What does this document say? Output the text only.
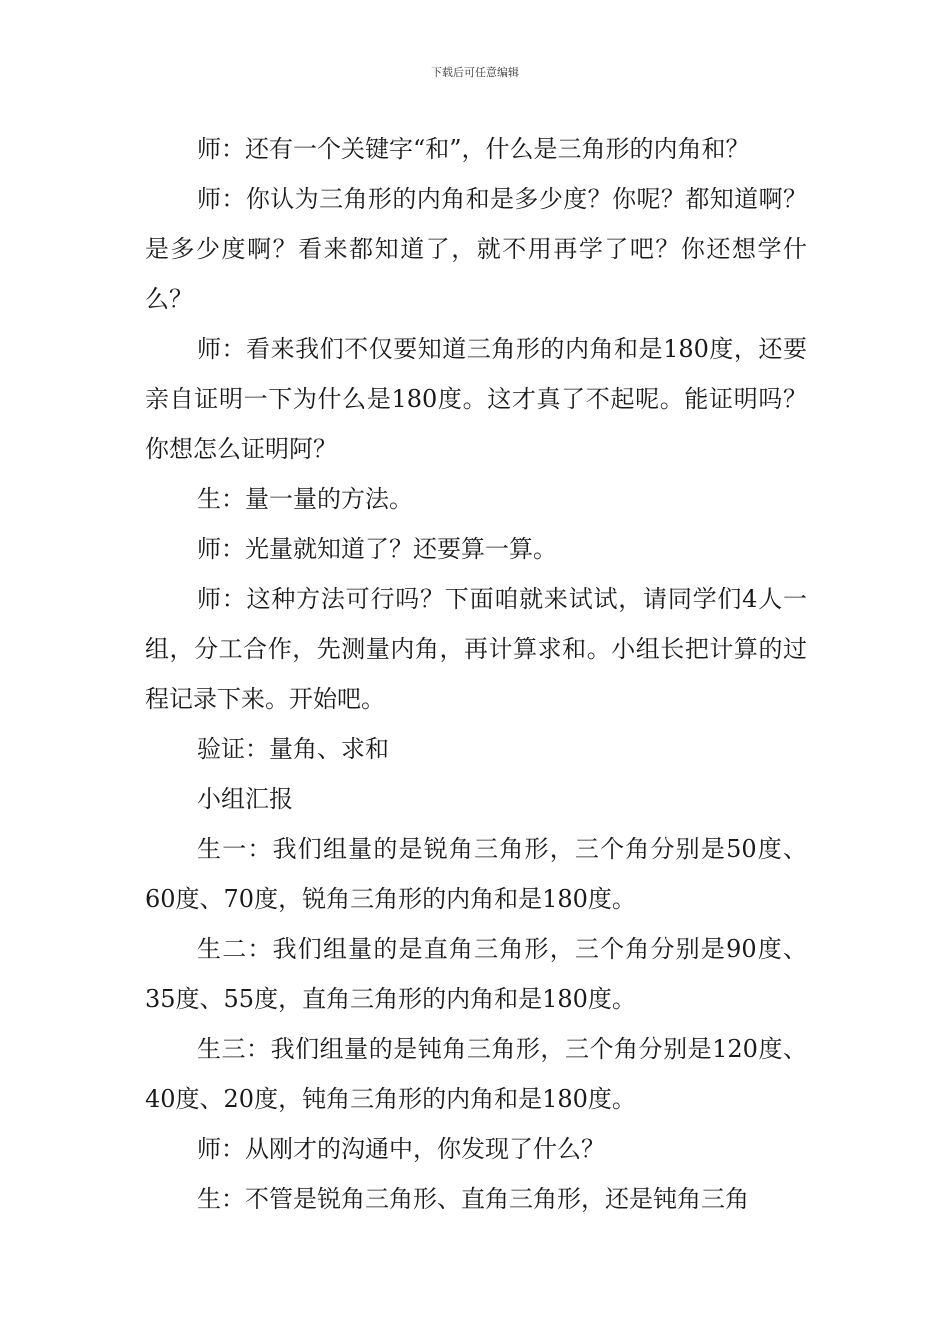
下载后可任意编辑

师：还有一个关键字“和”，什么是三角形的内角和？

师：你认为三角形的内角和是多少度？你呢？都知道啊？是多少度啊？看来都知道了，就不用再学了吧？你还想学什么？

师：看来我们不仅要知道三角形的内角和是180度，还要亲自证明一下为什么是180度。这才真了不起呢。能证明吗？你想怎么证明阿？

生：量一量的方法。

师：光量就知道了？还要算一算。

师：这种方法可行吗？下面咱就来试试，请同学们4人一组，分工合作，先测量内角，再计算求和。小组长把计算的过程记录下来。开始吧。

验证：量角、求和

小组汇报

生一：我们组量的是锐角三角形，三个角分别是50度、60度、70度，锐角三角形的内角和是180度。

生二：我们组量的是直角三角形，三个角分别是90度、35度、55度，直角三角形的内角和是180度。

生三：我们组量的是钝角三角形，三个角分别是120度、40度、20度，钝角三角形的内角和是180度。

师：从刚才的沟通中，你发现了什么？

生：不管是锐角三角形、直角三角形，还是钝角三角
